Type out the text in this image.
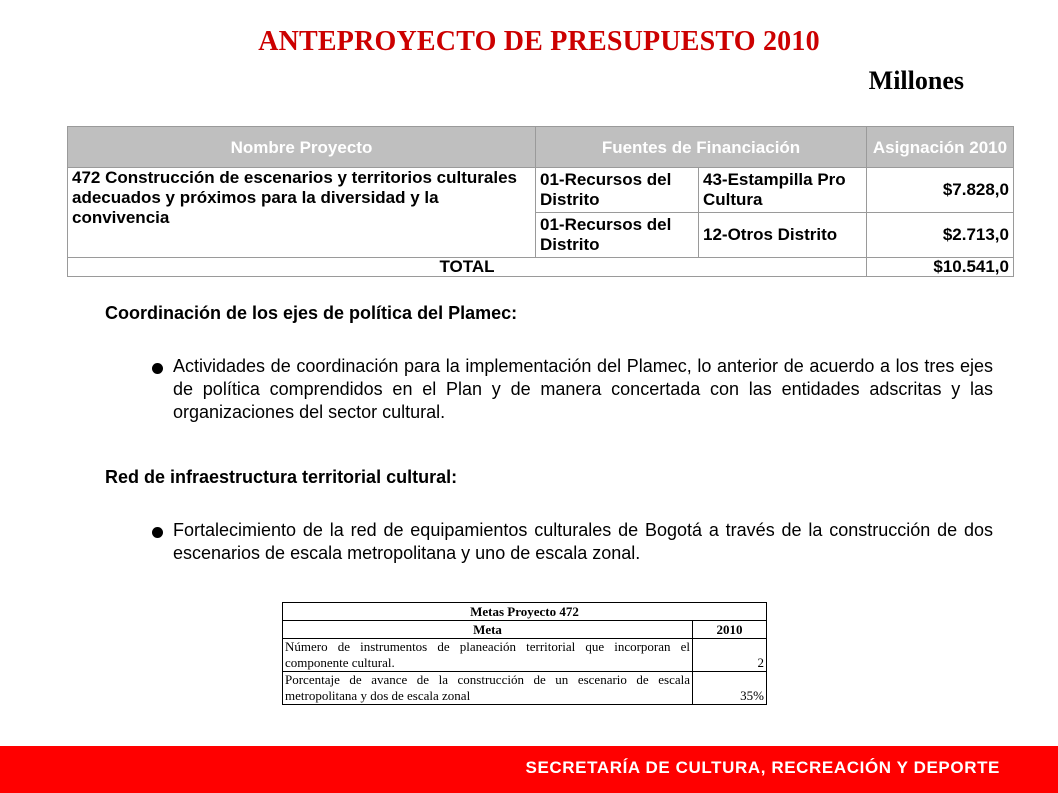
ANTEPROYECTO DE PRESUPUESTO 2010
Millones
Nombre Proyecto	Fuentes de Financiación		Asignación 2010
472 Construcción de escenarios y territorios culturales adecuados y próximos para la diversidad y la convivencia	01-Recursos del Distrito	43-Estampilla Pro Cultura	$7.828,0
	01-Recursos del Distrito	12-Otros Distrito	$2.713,0
TOTAL			$10.541,0
Coordinación de los ejes de política del Plamec:
Actividades de coordinación para la implementación del Plamec, lo anterior de acuerdo a los tres ejes de política comprendidos en el Plan y de manera concertada con las entidades adscritas y las organizaciones del sector cultural.
Red de infraestructura territorial cultural:
Fortalecimiento de la red de equipamientos culturales de Bogotá a través de la construcción de dos escenarios de escala metropolitana y uno de escala zonal.
Metas Proyecto 472	
Meta	2010
Número de instrumentos de planeación territorial que incorporan el componente cultural.	2
Porcentaje de avance de la construcción de un escenario de escala metropolitana y dos de escala zonal	35%
SECRETARÍA DE CULTURA, RECREACIÓN Y DEPORTE
